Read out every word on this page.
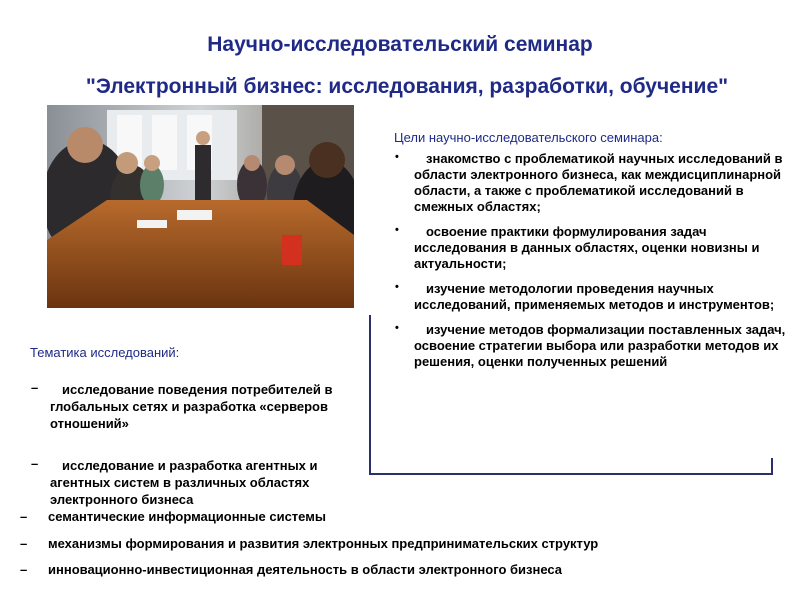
Научно-исследовательский семинар
"Электронный бизнес: исследования, разработки, обучение"
Цели научно-исследовательского семинара:
•	знакомство с проблематикой научных исследований в области электронного бизнеса, как междисциплинарной области, а также с проблематикой исследований в смежных областях;
•	освоение практики формулирования задач исследования в данных областях, оценки новизны и актуальности;
•	изучение методологии проведения научных исследований, применяемых методов и инструментов;
•	изучение методов формализации поставленных задач, освоение стратегии выбора или разработки методов их решения, оценки полученных решений
Тематика исследований:
–	исследование поведения потребителей в глобальных сетях и разработка «серверов отношений»
–	исследование и разработка агентных и агентных систем в различных областях электронного бизнеса
– семантические информационные системы
– механизмы формирования и развития электронных предпринимательских структур
– инновационно-инвестиционная деятельность в области электронного бизнеса
